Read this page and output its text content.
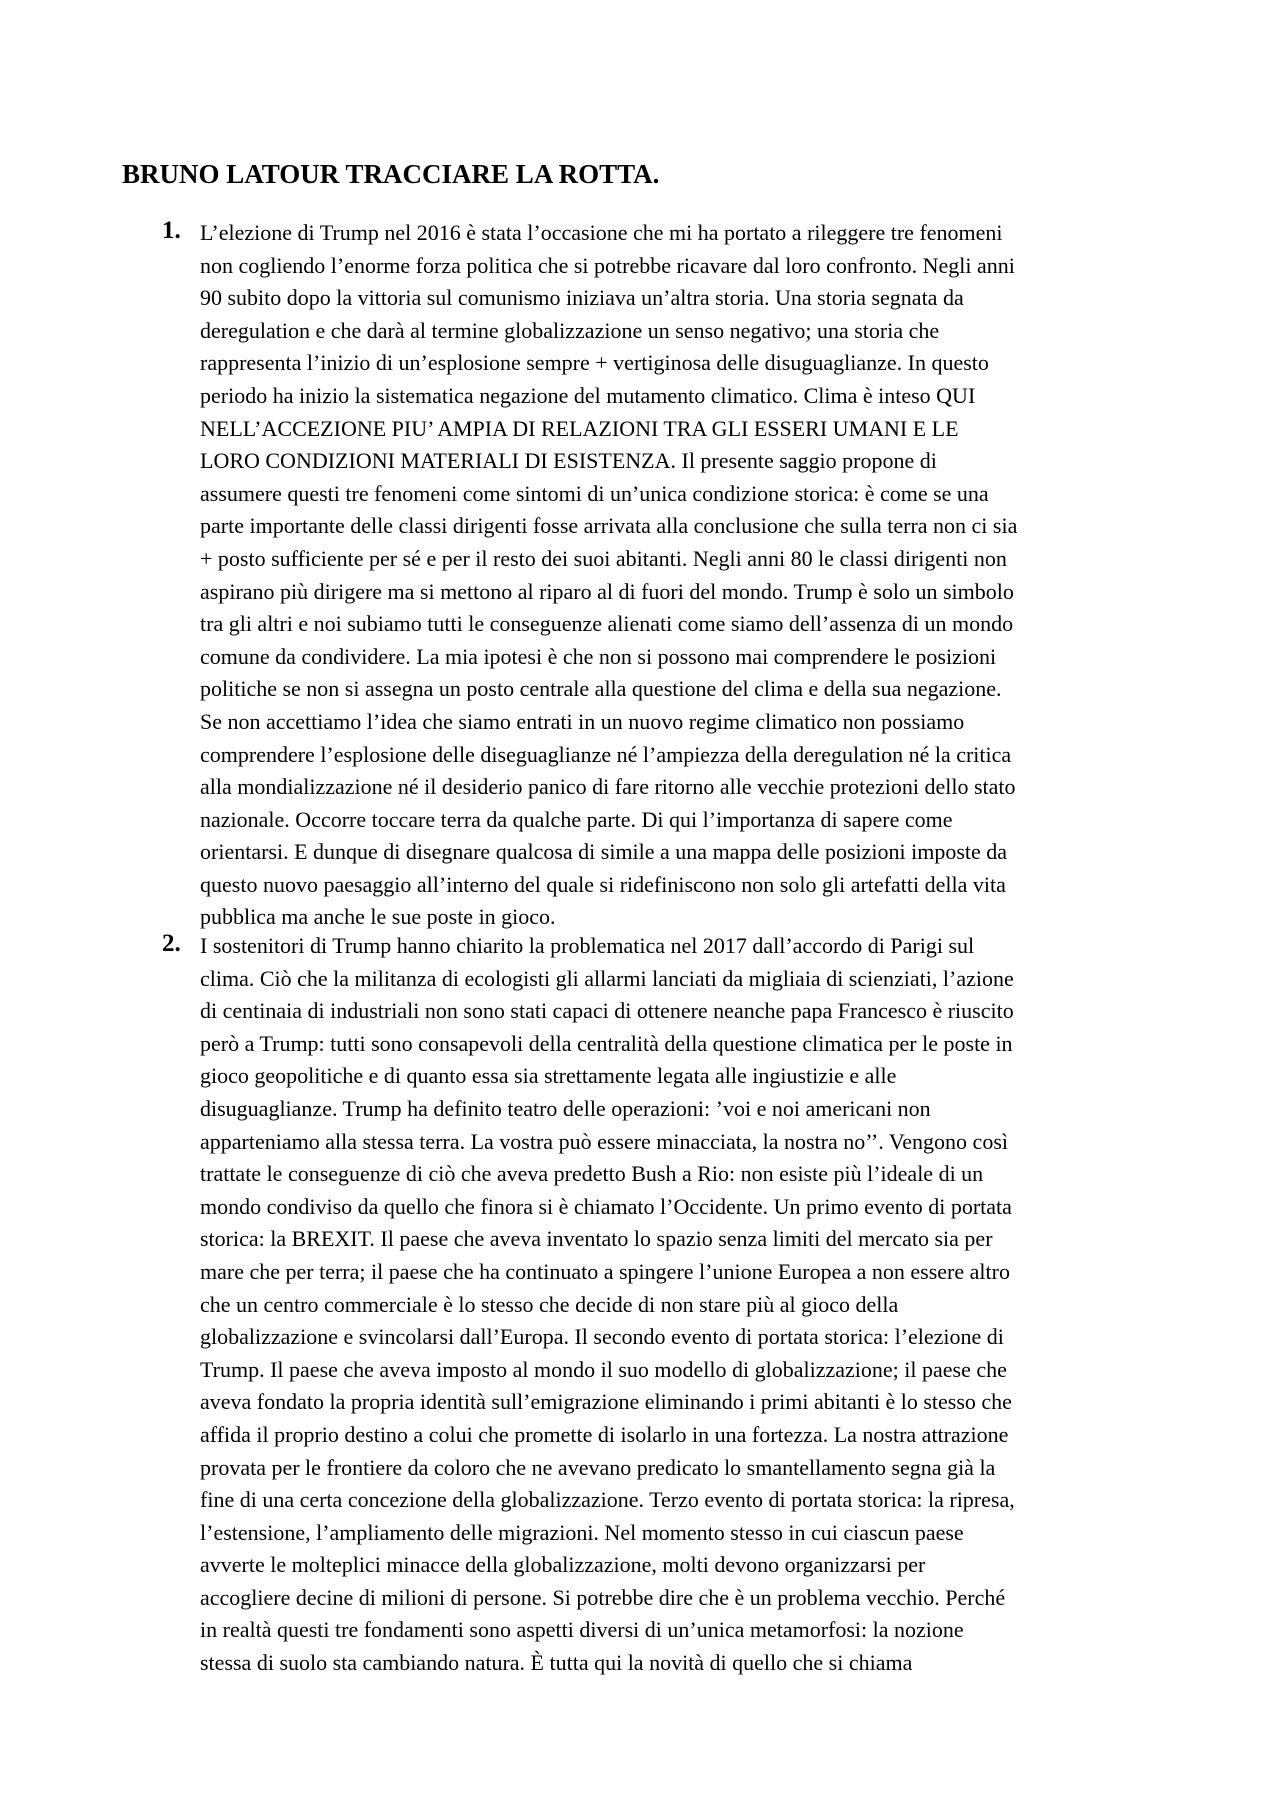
BRUNO LATOUR TRACCIARE LA ROTTA.
1. L’elezione di Trump nel 2016 è stata l’occasione che mi ha portato a rileggere tre fenomeni
non cogliendo l’enorme forza politica che si potrebbe ricavare dal loro confronto. Negli anni
90 subito dopo la vittoria sul comunismo iniziava un’altra storia. Una storia segnata da
deregulation e che darà al termine globalizzazione un senso negativo; una storia che
rappresenta l’inizio di un’esplosione sempre + vertiginosa delle disuguaglianze. In questo
periodo ha inizio la sistematica negazione del mutamento climatico. Clima è inteso QUI
NELL’ACCEZIONE PIU’ AMPIA DI RELAZIONI TRA GLI ESSERI UMANI E LE
LORO CONDIZIONI MATERIALI DI ESISTENZA. Il presente saggio propone di
assumere questi tre fenomeni come sintomi di un’unica condizione storica: è come se una
parte importante delle classi dirigenti fosse arrivata alla conclusione che sulla terra non ci sia
+ posto sufficiente per sé e per il resto dei suoi abitanti. Negli anni 80 le classi dirigenti non
aspirano più dirigere ma si mettono al riparo al di fuori del mondo. Trump è solo un simbolo
tra gli altri e noi subiamo tutti le conseguenze alienati come siamo dell’assenza di un mondo
comune da condividere. La mia ipotesi è che non si possono mai comprendere le posizioni
politiche se non si assegna un posto centrale alla questione del clima e della sua negazione.
Se non accettiamo l’idea che siamo entrati in un nuovo regime climatico non possiamo
comprendere l’esplosione delle diseguaglianze né l’ampiezza della deregulation né la critica
alla mondializzazione né il desiderio panico di fare ritorno alle vecchie protezioni dello stato
nazionale. Occorre toccare terra da qualche parte. Di qui l’importanza di sapere come
orientarsi. E dunque di disegnare qualcosa di simile a una mappa delle posizioni imposte da
questo nuovo paesaggio all’interno del quale si ridefiniscono non solo gli artefatti della vita
pubblica ma anche le sue poste in gioco.

2. I sostenitori di Trump hanno chiarito la problematica nel 2017 dall’accordo di Parigi sul
clima. Ciò che la militanza di ecologisti gli allarmi lanciati da migliaia di scienziati, l’azione
di centinaia di industriali non sono stati capaci di ottenere neanche papa Francesco è riuscito
però a Trump: tutti sono consapevoli della centralità della questione climatica per le poste in
gioco geopolitiche e di quanto essa sia strettamente legata alle ingiustizie e alle
disuguaglianze. Trump ha definito teatro delle operazioni: ’voi e noi americani non
apparteniamo alla stessa terra. La vostra può essere minacciata, la nostra no’’. Vengono così
trattate le conseguenze di ciò che aveva predetto Bush a Rio: non esiste più l’ideale di un
mondo condiviso da quello che finora si è chiamato l’Occidente. Un primo evento di portata
storica: la BREXIT. Il paese che aveva inventato lo spazio senza limiti del mercato sia per
mare che per terra; il paese che ha continuato a spingere l’unione Europea a non essere altro
che un centro commerciale è lo stesso che decide di non stare più al gioco della
globalizzazione e svincolarsi dall’Europa. Il secondo evento di portata storica: l’elezione di
Trump. Il paese che aveva imposto al mondo il suo modello di globalizzazione; il paese che
aveva fondato la propria identità sull’emigrazione eliminando i primi abitanti è lo stesso che
affida il proprio destino a colui che promette di isolarlo in una fortezza. La nostra attrazione
provata per le frontiere da coloro che ne avevano predicato lo smantellamento segna già la
fine di una certa concezione della globalizzazione. Terzo evento di portata storica: la ripresa,
l’estensione, l’ampliamento delle migrazioni. Nel momento stesso in cui ciascun paese
avverte le molteplici minacce della globalizzazione, molti devono organizzarsi per
accogliere decine di milioni di persone. Si potrebbe dire che è un problema vecchio. Perché
in realtà questi tre fondamenti sono aspetti diversi di un’unica metamorfosi: la nozione
stessa di suolo sta cambiando natura. È tutta qui la novità di quello che si chiama
